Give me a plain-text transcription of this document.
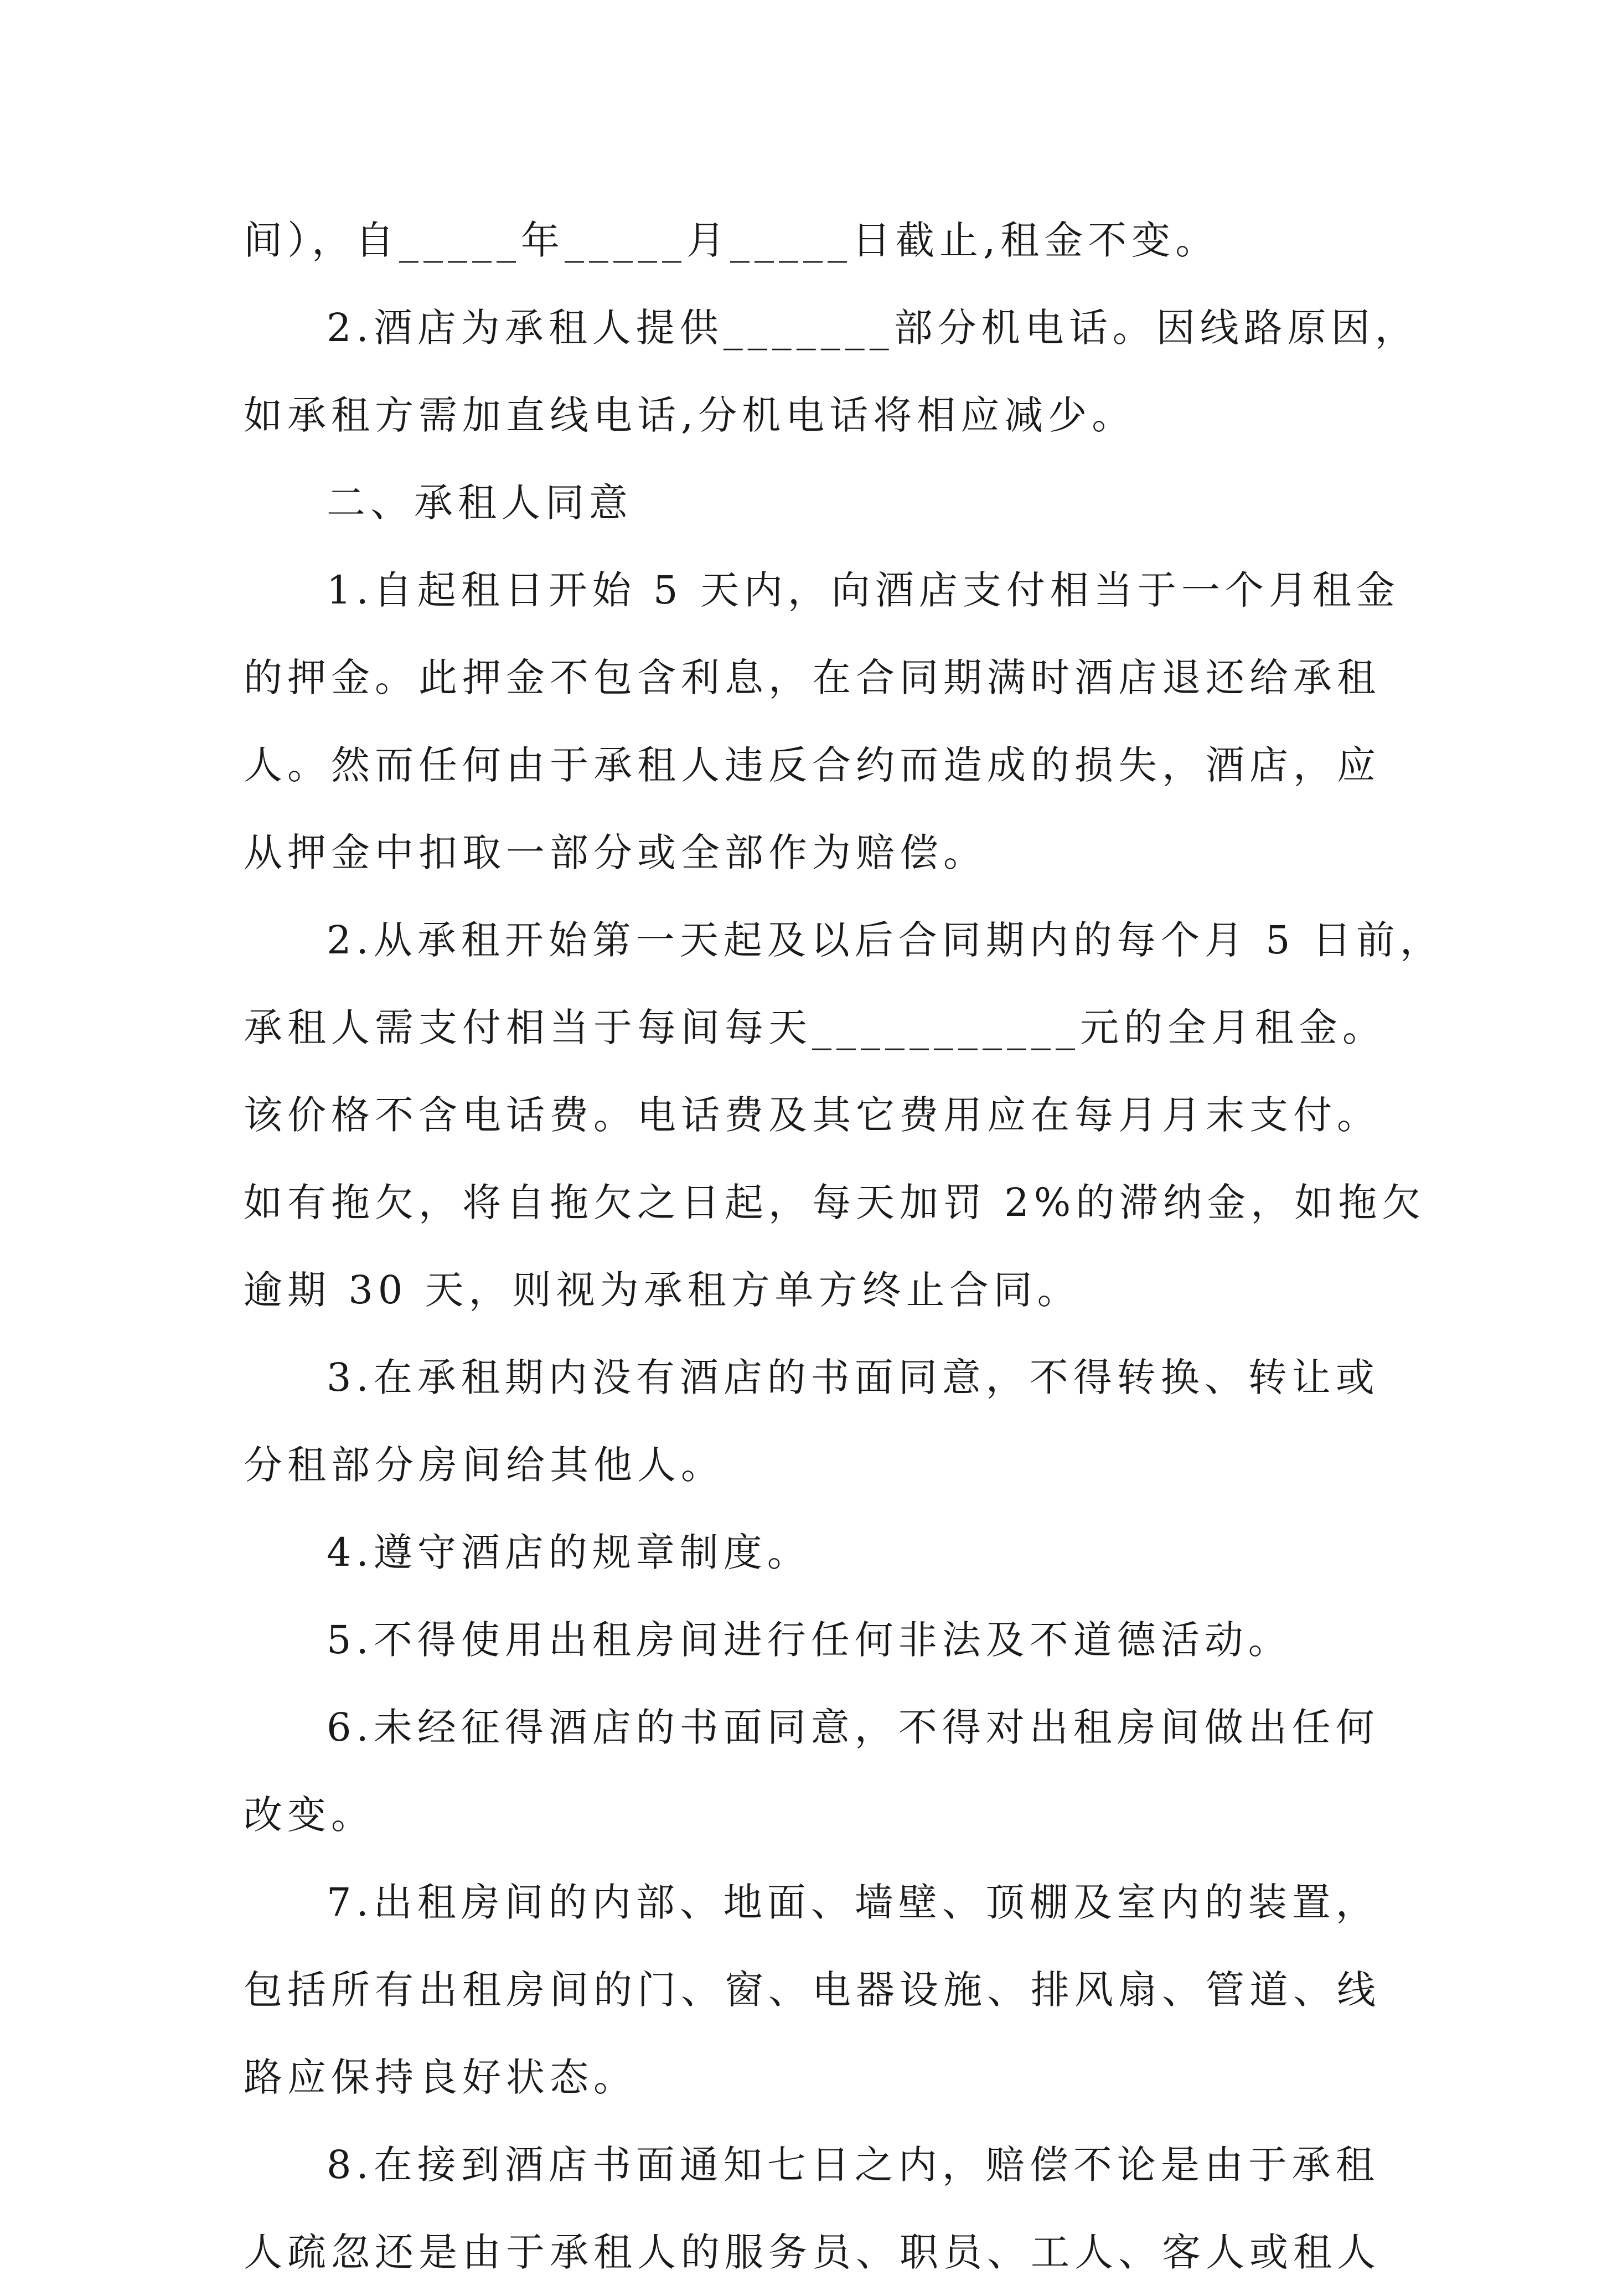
间），自_____年_____月_____日截止,租金不变。
2.酒店为承租人提供_______部分机电话。因线路原因，
如承租方需加直线电话,分机电话将相应减少。
二、承租人同意
1.自起租日开始 5 天内，向酒店支付相当于一个月租金
的押金。此押金不包含利息，在合同期满时酒店退还给承租
人。然而任何由于承租人违反合约而造成的损失，酒店，应
从押金中扣取一部分或全部作为赔偿。
2.从承租开始第一天起及以后合同期内的每个月 5 日前，
承租人需支付相当于每间每天___________元的全月租金。
该价格不含电话费。电话费及其它费用应在每月月末支付。
如有拖欠，将自拖欠之日起，每天加罚 2%的滞纳金，如拖欠
逾期 30 天，则视为承租方单方终止合同。
3.在承租期内没有酒店的书面同意，不得转换、转让或
分租部分房间给其他人。
4.遵守酒店的规章制度。
5.不得使用出租房间进行任何非法及不道德活动。
6.未经征得酒店的书面同意，不得对出租房间做出任何
改变。
7.出租房间的内部、地面、墙壁、顶棚及室内的装置，
包括所有出租房间的门、窗、电器设施、排风扇、管道、线
路应保持良好状态。
8.在接到酒店书面通知七日之内，赔偿不论是由于承租
人疏忽还是由于承租人的服务员、职员、工人、客人或租人
